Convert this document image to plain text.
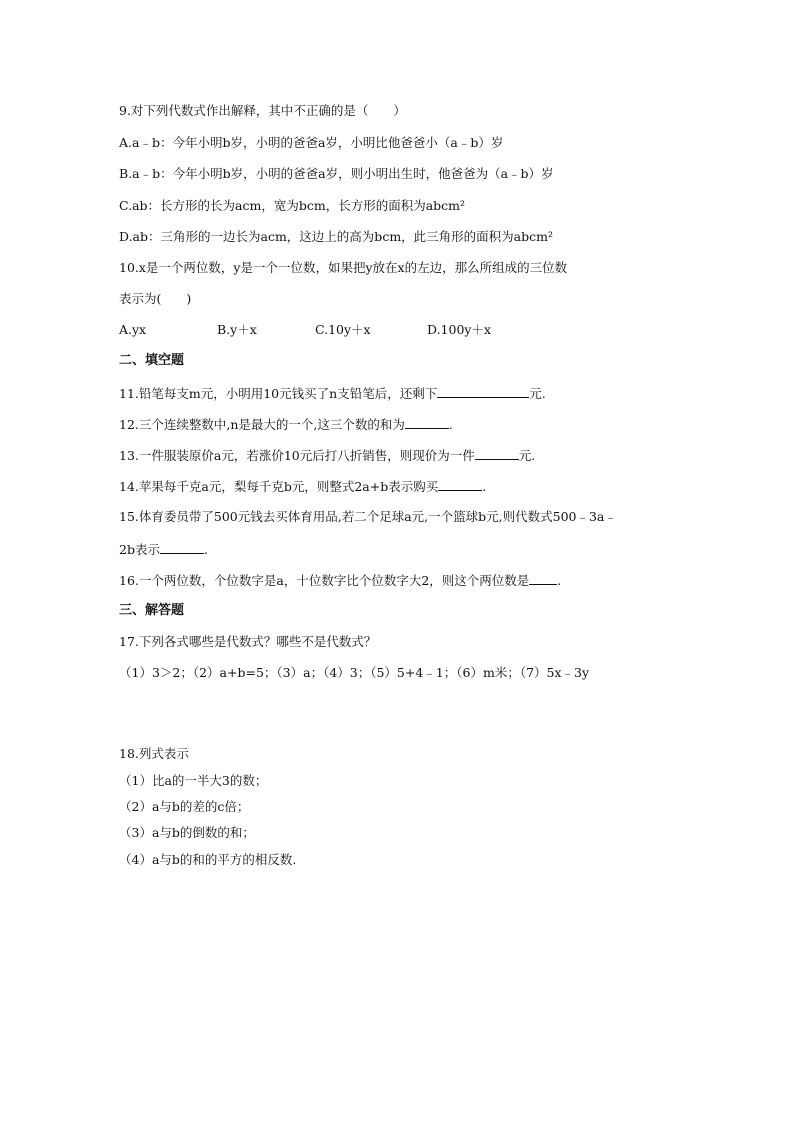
9.对下列代数式作出解释，其中不正确的是（　　）
A.a﹣b：今年小明b岁，小明的爸爸a岁，小明比他爸爸小（a﹣b）岁
B.a﹣b：今年小明b岁，小明的爸爸a岁，则小明出生时，他爸爸为（a﹣b）岁
C.ab：长方形的长为acm，宽为bcm，长方形的面积为abcm²
D.ab：三角形的一边长为acm，这边上的高为bcm，此三角形的面积为abcm²
10.x是一个两位数，y是一个一位数，如果把y放在x的左边，那么所组成的三位数
表示为(　　)
A.yx	B.y＋x	C.10y＋x	D.100y＋x
二、填空题
11.铅笔每支m元，小明用10元钱买了n支铅笔后，还剩下	元.
12.三个连续整数中,n是最大的一个,这三个数的和为	.
13.一件服装原价a元，若涨价10元后打八折销售，则现价为一件	元.
14.苹果每千克a元，梨每千克b元，则整式2a+b表示购买	.
15.体育委员带了500元钱去买体育用品,若二个足球a元,一个篮球b元,则代数式500﹣3a﹣
2b表示	.
16.一个两位数，个位数字是a，十位数字比个位数字大2，则这个两位数是 .
三、解答题
17.下列各式哪些是代数式？哪些不是代数式？
（1）3＞2；（2）a+b=5；（3）a；（4）3；（5）5+4﹣1；（6）m米；（7）5x﹣3y
18.列式表示
（1）比a的一半大3的数；
（2）a与b的差的c倍；
（3）a与b的倒数的和；
（4）a与b的和的平方的相反数.
